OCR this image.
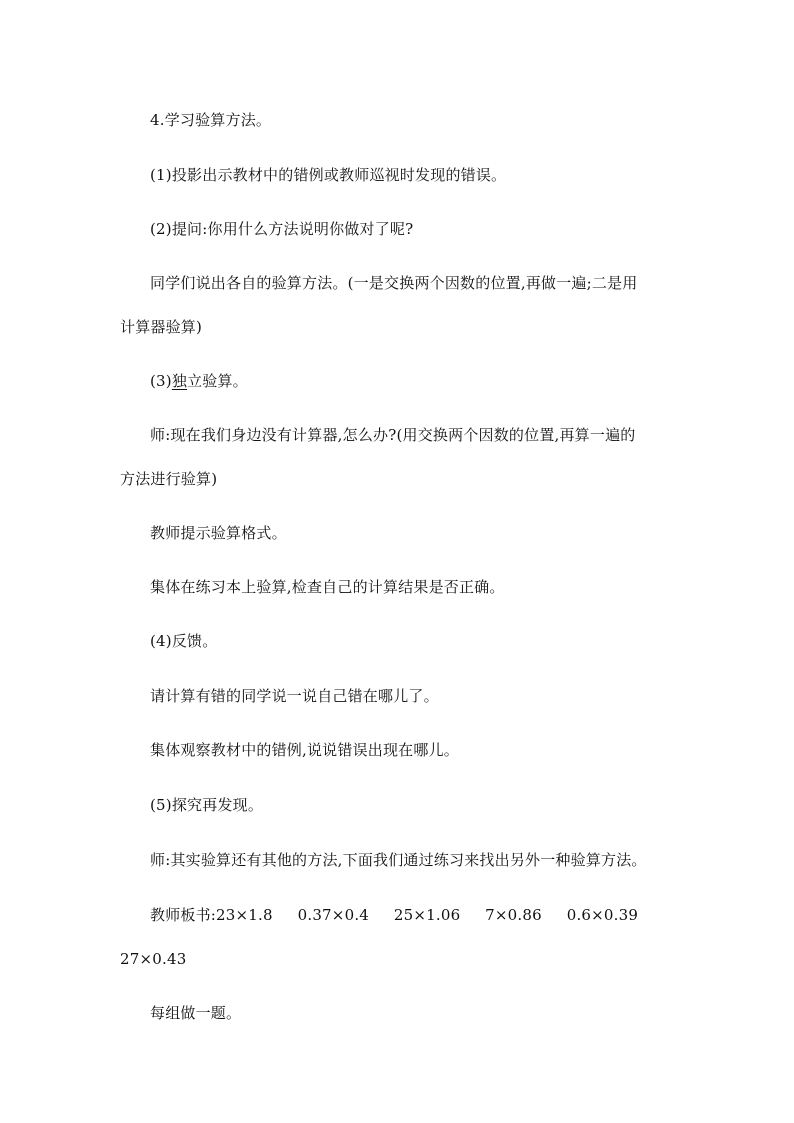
4.学习验算方法。

(1)投影出示教材中的错例或教师巡视时发现的错误。

(2)提问:你用什么方法说明你做对了呢?

同学们说出各自的验算方法。(一是交换两个因数的位置,再做一遍;二是用

计算器验算)

(3)独立验算。

师:现在我们身边没有计算器,怎么办?(用交换两个因数的位置,再算一遍的

方法进行验算)

教师提示验算格式。

集体在练习本上验算,检查自己的计算结果是否正确。

(4)反馈。

请计算有错的同学说一说自己错在哪儿了。

集体观察教材中的错例,说说错误出现在哪儿。

(5)探究再发现。

师:其实验算还有其他的方法,下面我们通过练习来找出另外一种验算方法。

教师板书:23×1.8     0.37×0.4     25×1.06     7×0.86     0.6×0.39

27×0.43

每组做一题。
